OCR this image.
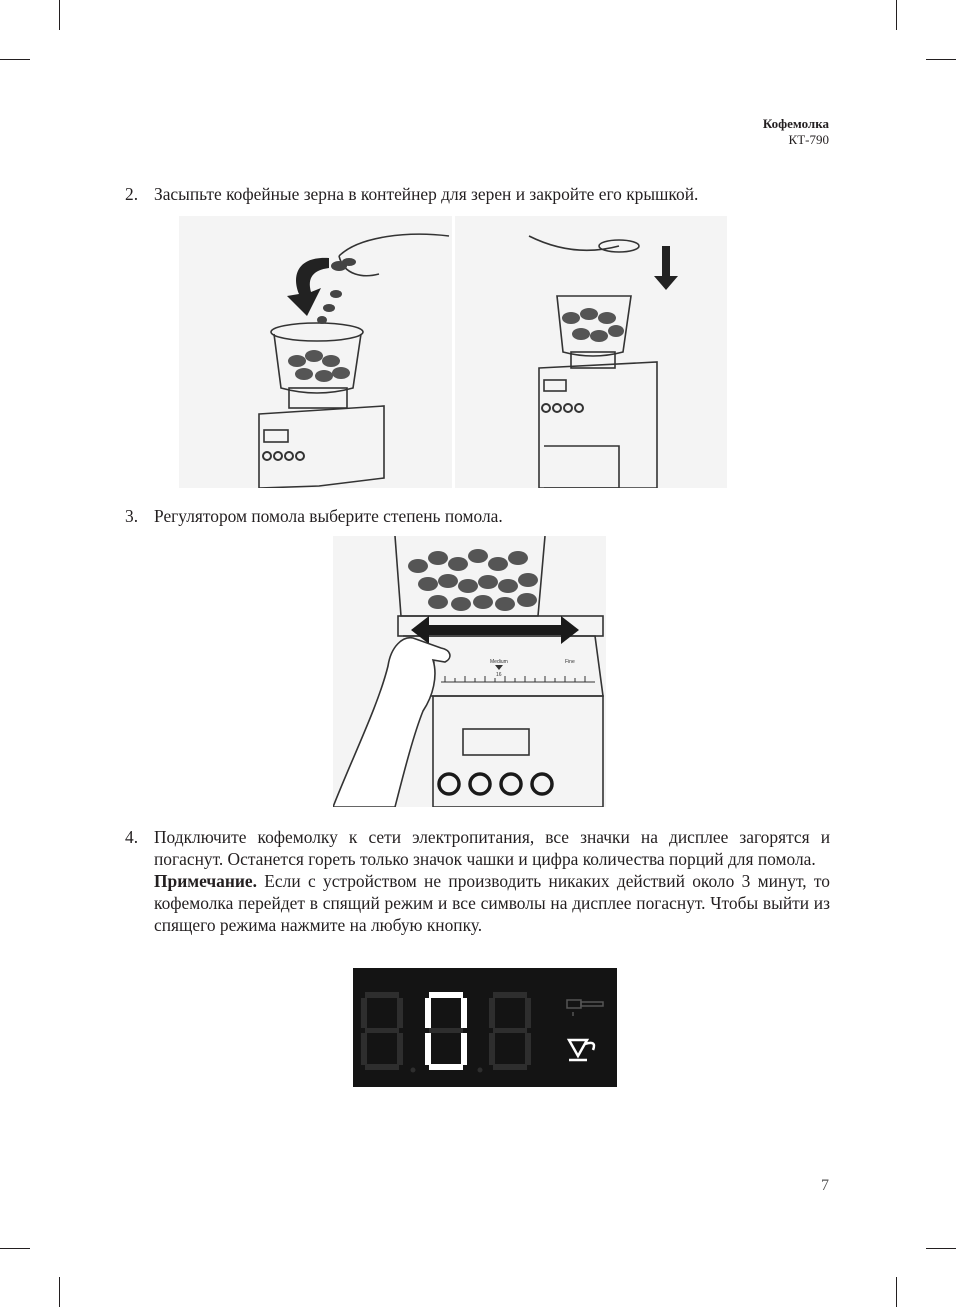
Кофемолка
КТ-790
2. Засыпьте кофейные зерна в контейнер для зерен и закройте его крышкой.

3. Регулятором помола выберите степень помола.

Medium
16
Fine
4. Подключите кофемолку к сети электропитания, все значки на дисплее загорятся и погаснут. Останется гореть только значок чашки и цифра количества порций для помола.

Примечание. Если с устройством не производить никаких действий около 3 минут, то кофемолка перейдет в спящий режим и все символы на дисплее погаснут. Чтобы выйти из спящего режима нажмите на любую кнопку.

7
